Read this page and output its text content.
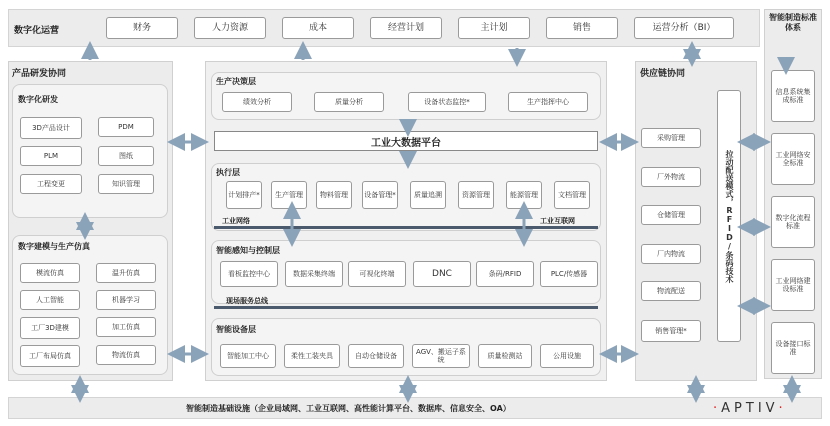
数字化运营	财务	人力资源	成本	经营计划	主计划	销售	运营分析（BI）
智能制造标准体系
信息系统集成标准
工业网络安全标准
数字化流程标准
工业网络建设标准
设备接口标准
产品研发协同
数字化研发
3D产品设计	PDM
PLM	图纸
工程变更	知识管理
数字建模与生产仿真
模流仿真	温升仿真
人工智能	机器学习
工厂3D建模	加工仿真
工厂布局仿真	物流仿真
生产决策层
绩效分析	质量分析	设备状态监控*	生产指挥中心
工业大数据平台
执行层
计划排产*	生产管理	物料管理	设备管理*	质量追溯	资源管理	能源管理	文档管理
工业网络	工业互联网
智能感知与控制层
看板监控中心	数据采集终端	可视化终端	DNC	条码/RFID	PLC/传感器
现场服务总线
智能设备层
智能加工中心	柔性工装夹具	自动仓储设备	AGV、搬运子系统	质量检测站	公用设施
供应链协同
采购管理
厂外物流
仓储管理
厂内物流
物流配送
销售管理*
拉动配送模式，RFID/条码技术
智能制造基础设施（企业局域网、工业互联网、高性能计算平台、数据库、信息安全、OA）	·APTIV·
